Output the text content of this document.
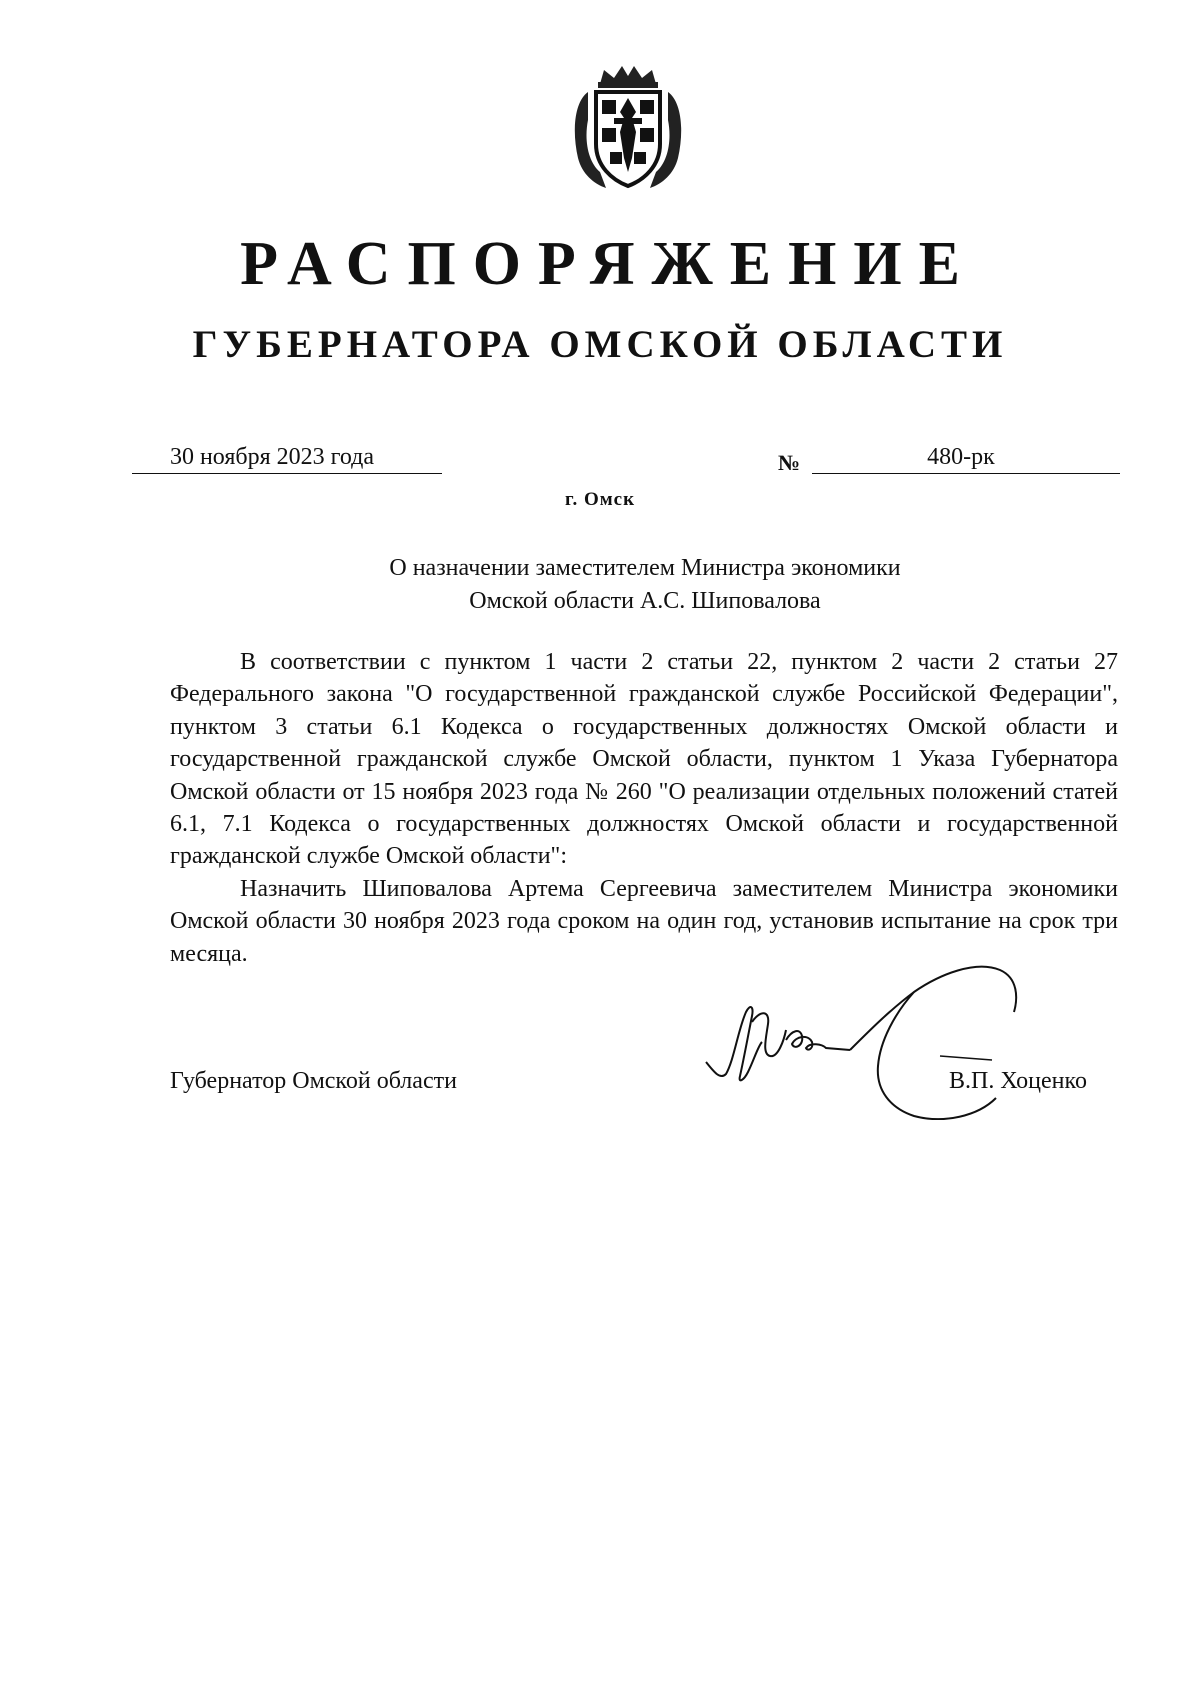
РАСПОРЯЖЕНИЕ
ГУБЕРНАТОРА ОМСКОЙ ОБЛАСТИ
30 ноября 2023 года	№	480-рк
г. Омск
О назначении заместителем Министра экономики
Омской области А.С. Шиповалова

В соответствии с пунктом 1 части 2 статьи 22, пунктом 2 части 2 статьи 27 Федерального закона "О государственной гражданской службе Российской Федерации", пунктом 3 статьи 6.1 Кодекса о государственных должностях Омской области и государственной гражданской службе Омской области, пунктом 1 Указа Губернатора Омской области от 15 ноября 2023 года № 260 "О реализации отдельных положений статей 6.1, 7.1 Кодекса о государственных должностях Омской области и государственной гражданской службе Омской области":

Назначить Шиповалова Артема Сергеевича заместителем Министра экономики Омской области 30 ноября 2023 года сроком на один год, установив испытание на срок три месяца.

Губернатор Омской области	В.П. Хоценко
